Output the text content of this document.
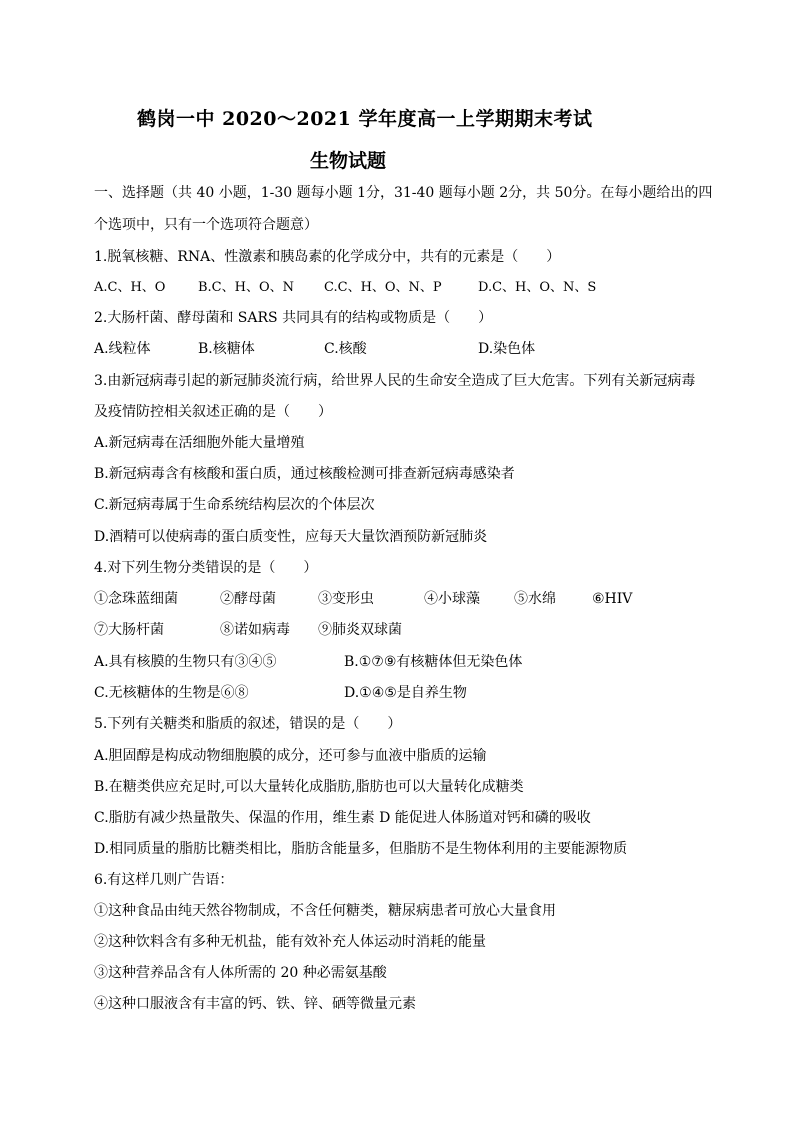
鹤岗一中 2020～2021 学年度高一上学期期末考试
生物试题
一、选择题（共 40 小题，1-30 题每小题 1分，31-40 题每小题 2分，共 50分。在每小题给出的四
个选项中，只有一个选项符合题意）
1.脱氧核糖、RNA、性激素和胰岛素的化学成分中，共有的元素是（　　）
A.C、H、O	B.C、H、O、N C.C、H、O、N、P	D.C、H、O、N、S
2.大肠杆菌、酵母菌和 SARS 共同具有的结构或物质是（　　）
A.线粒体	B.核糖体	C.核酸	D.染色体
3.由新冠病毒引起的新冠肺炎流行病，给世界人民的生命安全造成了巨大危害。下列有关新冠病毒
及疫情防控相关叙述正确的是（　　）
A.新冠病毒在活细胞外能大量增殖
B.新冠病毒含有核酸和蛋白质，通过核酸检测可排查新冠病毒感染者
C.新冠病毒属于生命系统结构层次的个体层次
D.酒精可以使病毒的蛋白质变性，应每天大量饮酒预防新冠肺炎
4.对下列生物分类错误的是（　　）
①念珠蓝细菌	②酵母菌	③变形虫	④小球藻 ⑤水绵	⑥HIV
⑦大肠杆菌	⑧诺如病毒 ⑨肺炎双球菌
A.具有核膜的生物只有③④⑤	B.①⑦⑨有核糖体但无染色体
C.无核糖体的生物是⑥⑧	D.①④⑤是自养生物
5.下列有关糖类和脂质的叙述，错误的是（　　）
A.胆固醇是构成动物细胞膜的成分，还可参与血液中脂质的运输
B.在糖类供应充足时,可以大量转化成脂肪,脂肪也可以大量转化成糖类
C.脂肪有减少热量散失、保温的作用，维生素 D 能促进人体肠道对钙和磷的吸收
D.相同质量的脂肪比糖类相比，脂肪含能量多，但脂肪不是生物体利用的主要能源物质
6.有这样几则广告语：
①这种食品由纯天然谷物制成，不含任何糖类，糖尿病患者可放心大量食用
②这种饮料含有多种无机盐，能有效补充人体运动时消耗的能量
③这种营养品含有人体所需的 20 种必需氨基酸
④这种口服液含有丰富的钙、铁、锌、硒等微量元素
